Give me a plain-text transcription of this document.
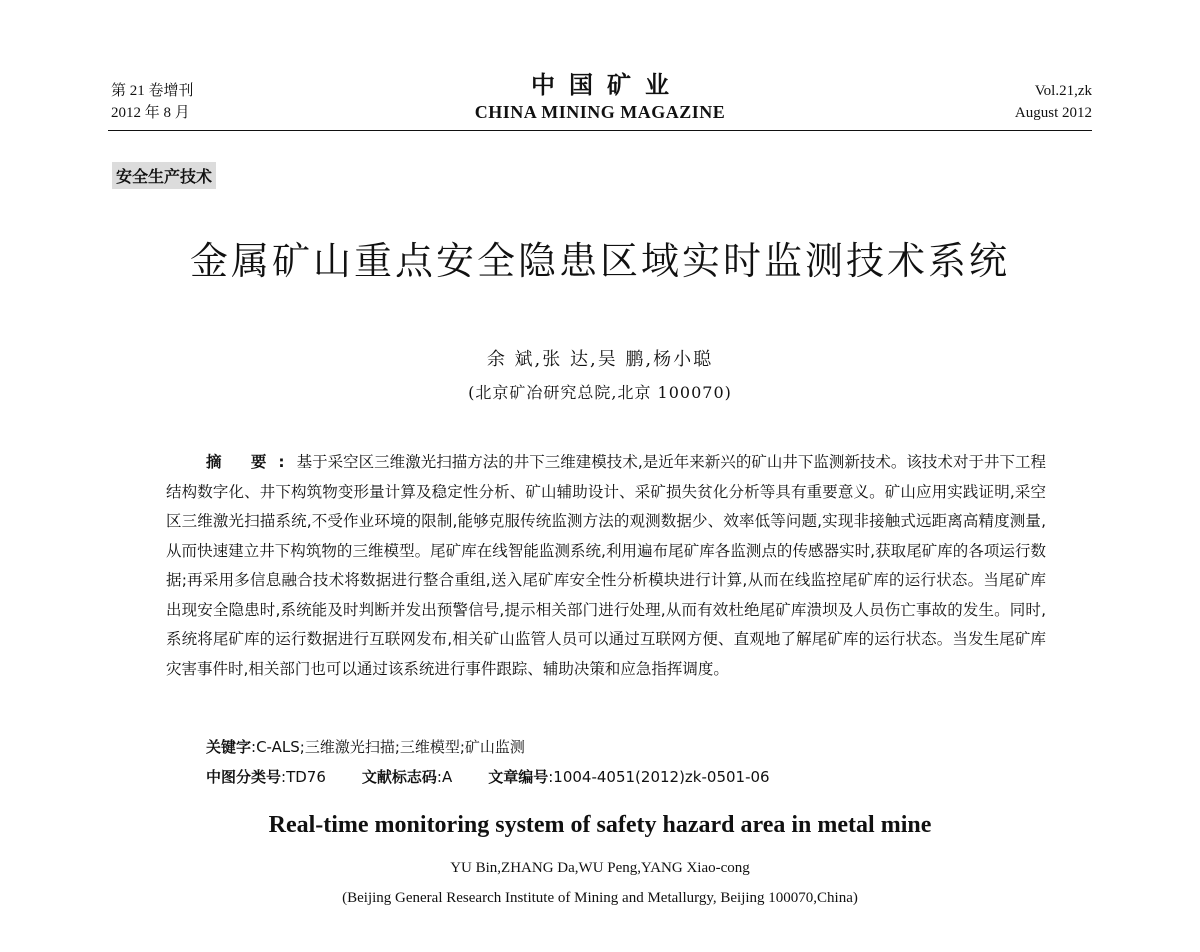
第 21 卷增刊
2012 年 8 月
中国矿业
CHINA MINING MAGAZINE
Vol.21,zk
August 2012
安全生产技术
金属矿山重点安全隐患区域实时监测技术系统
余 斌,张 达,吴 鹏,杨小聪
(北京矿冶研究总院,北京 100070)
摘 要:基于采空区三维激光扫描方法的井下三维建模技术,是近年来新兴的矿山井下监测新技术。该技术对于井下工程结构数字化、井下构筑物变形量计算及稳定性分析、矿山辅助设计、采矿损失贫化分析等具有重要意义。矿山应用实践证明,采空区三维激光扫描系统,不受作业环境的限制,能够克服传统监测方法的观测数据少、效率低等问题,实现非接触式远距离高精度测量,从而快速建立井下构筑物的三维模型。尾矿库在线智能监测系统,利用遍布尾矿库各监测点的传感器实时,获取尾矿库的各项运行数据;再采用多信息融合技术将数据进行整合重组,送入尾矿库安全性分析模块进行计算,从而在线监控尾矿库的运行状态。当尾矿库出现安全隐患时,系统能及时判断并发出预警信号,提示相关部门进行处理,从而有效杜绝尾矿库溃坝及人员伤亡事故的发生。同时,系统将尾矿库的运行数据进行互联网发布,相关矿山监管人员可以通过互联网方便、直观地了解尾矿库的运行状态。当发生尾矿库灾害事件时,相关部门也可以通过该系统进行事件跟踪、辅助决策和应急指挥调度。
关键字:C-ALS;三维激光扫描;三维模型;矿山监测
中图分类号:TD76 文献标志码:A 文章编号:1004-4051(2012)zk-0501-06
Real-time monitoring system of safety hazard area in metal mine
YU Bin,ZHANG Da,WU Peng,YANG Xiao-cong
(Beijing General Research Institute of Mining and Metallurgy, Beijing 100070,China)
